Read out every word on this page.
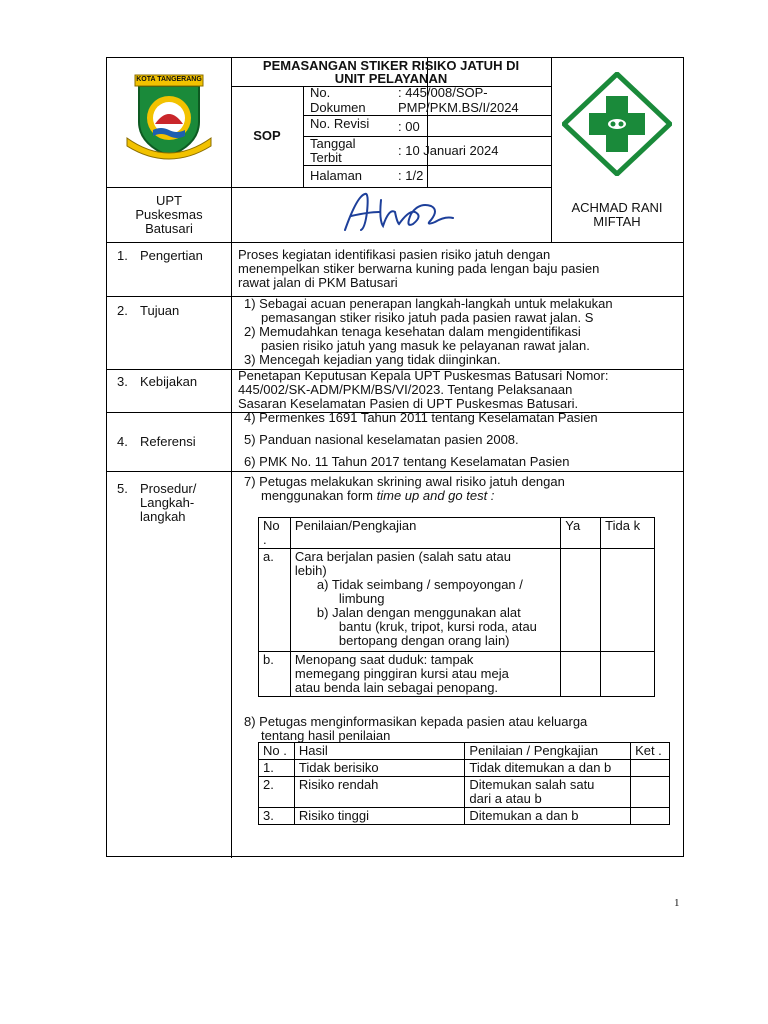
KOTA TANGERANG
PEMASANGAN STIKER RISIKO JATUH DI
UNIT PELAYANAN
SOP
No.
Dokumen
: 445/008/SOP-
PMP/PKM.BS/I/2024
No. Revisi : 00
Tanggal
Terbit	: 10 Januari 2024
Halaman	: 1/2
UPT
Puskesmas
Batusari
ACHMAD RANI
MIFTAH
1. Pengertian	Proses kegiatan identifikasi pasien risiko jatuh dengan
menempelkan stiker berwarna kuning pada lengan baju pasien
rawat jalan di PKM Batusari
2. Tujuan	1) Sebagai acuan penerapan langkah-langkah untuk melakukan
pemasangan stiker risiko jatuh pada pasien rawat jalan. S
2) Memudahkan tenaga kesehatan dalam mengidentifikasi
pasien risiko jatuh yang masuk ke pelayanan rawat jalan.
3) Mencegah kejadian yang tidak diinginkan.
3. Kebijakan	Penetapan Keputusan Kepala UPT Puskesmas Batusari Nomor:
445/002/SK-ADM/PKM/BS/VI/2023. Tentang Pelaksanaan
Sasaran Keselamatan Pasien di UPT Puskesmas Batusari.
4. Referensi
4) Permenkes 1691 Tahun 2011 tentang Keselamatan Pasien
5) Panduan nasional keselamatan pasien 2008.
6) PMK No. 11 Tahun 2017 tentang Keselamatan Pasien
5. Prosedur/
Langkah-
langkah
7) Petugas melakukan skrining awal risiko jatuh dengan
menggunakan form time up and go test :
No .	Penilaian/Pengkajian	Ya	Tida k
a.	Cara berjalan pasien (salah satu atau lebih)
a) Tidak seimbang / sempoyongan / limbung
b) Jalan dengan menggunakan alat bantu (kruk, tripot, kursi roda, atau bertopang dengan orang lain)		

b.	Menopang saat duduk: tampak memegang pinggiran kursi atau meja atau benda lain sebagai penopang.		
8) Petugas menginformasikan kepada pasien atau keluarga
tentang hasil penilaian
No .	Hasil	Penilaian / Pengkajian	Ket .
1.	Tidak berisiko	Tidak ditemukan a dan b	
2.	Risiko rendah	Ditemukan salah satu dari a atau b	
3.	Risiko tinggi	Ditemukan a dan b	
1
